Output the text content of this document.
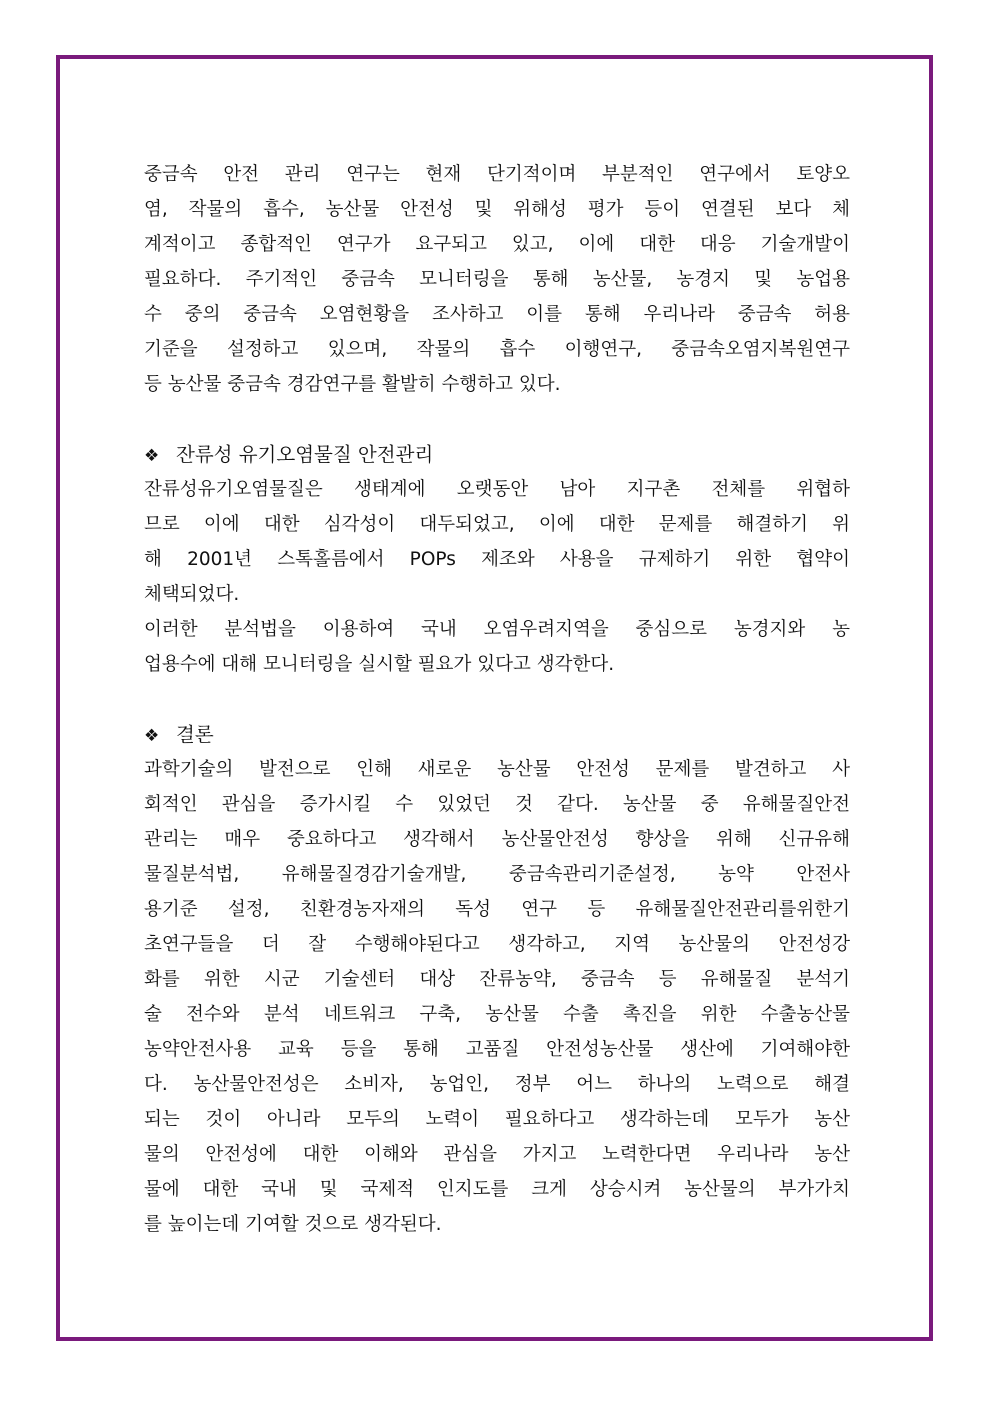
중금속 안전 관리 연구는 현재 단기적이며 부분적인 연구에서 토양오
염, 작물의 흡수, 농산물 안전성 및 위해성 평가 등이 연결된 보다 체
계적이고 종합적인 연구가 요구되고 있고, 이에 대한 대응 기술개발이
필요하다. 주기적인 중금속 모니터링을 통해 농산물, 농경지 및 농업용
수 중의 중금속 오염현황을 조사하고 이를 통해 우리나라 중금속 허용
기준을 설정하고 있으며, 작물의 흡수 이행연구, 중금속오염지복원연구
등 농산물 중금속 경감연구를 활발히 수행하고 있다.
❖ 잔류성 유기오염물질 안전관리
잔류성유기오염물질은 생태계에 오랫동안 남아 지구촌 전체를 위협하
므로 이에 대한 심각성이 대두되었고, 이에 대한 문제를 해결하기 위
해 2001년 스톡홀름에서 POPs 제조와 사용을 규제하기 위한 협약이
체택되었다.
이러한 분석법을 이용하여 국내 오염우려지역을 중심으로 농경지와 농
업용수에 대해 모니터링을 실시할 필요가 있다고 생각한다.
❖ 결론
과학기술의 발전으로 인해 새로운 농산물 안전성 문제를 발견하고 사
회적인 관심을 증가시킬 수 있었던 것 같다. 농산물 중 유해물질안전
관리는 매우 중요하다고 생각해서 농산물안전성 향상을 위해 신규유해
물질분석법, 유해물질경감기술개발, 중금속관리기준설정, 농약 안전사
용기준 설정, 친환경농자재의 독성 연구 등 유해물질안전관리를위한기
초연구들을 더 잘 수행해야된다고 생각하고, 지역 농산물의 안전성강
화를 위한 시군 기술센터 대상 잔류농약, 중금속 등 유해물질 분석기
술 전수와 분석 네트워크 구축, 농산물 수출 촉진을 위한 수출농산물
농약안전사용 교육 등을 통해 고품질 안전성농산물 생산에 기여해야한
다. 농산물안전성은 소비자, 농업인, 정부 어느 하나의 노력으로 해결
되는 것이 아니라 모두의 노력이 필요하다고 생각하는데 모두가 농산
물의 안전성에 대한 이해와 관심을 가지고 노력한다면 우리나라 농산
물에 대한 국내 및 국제적 인지도를 크게 상승시켜 농산물의 부가가치
를 높이는데 기여할 것으로 생각된다.
